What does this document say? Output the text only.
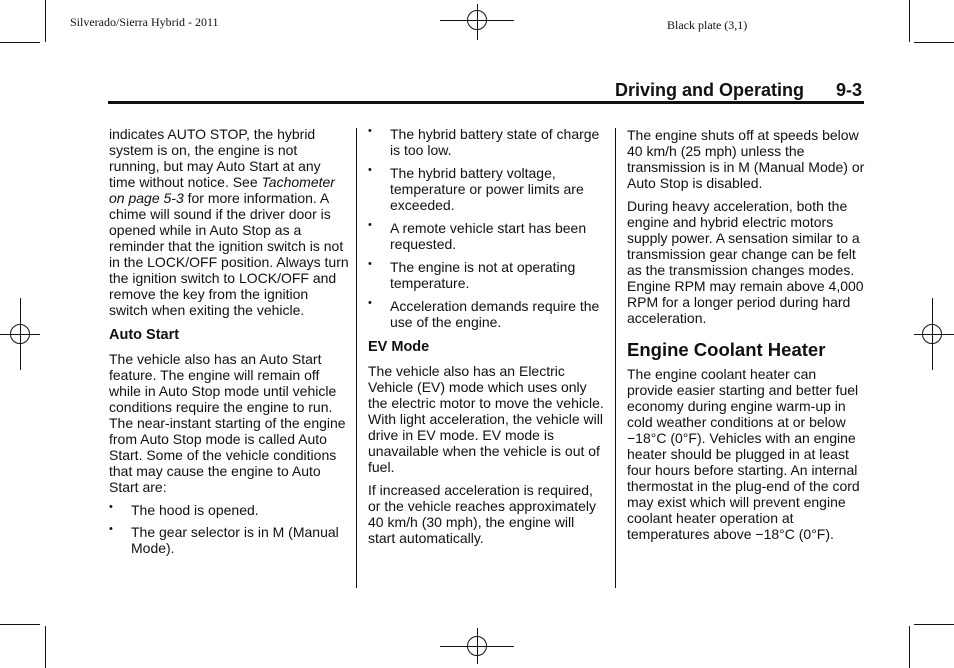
Silverado/Sierra Hybrid - 2011	Black plate (3,1)
Driving and Operating 9-3

indicates AUTO STOP, the hybrid system is on, the engine is not running, but may Auto Start at any time without notice. See Tachometer on page 5-3 for more information. A chime will sound if the driver door is opened while in Auto Stop as a reminder that the ignition switch is not in the LOCK/OFF position. Always turn the ignition switch to LOCK/OFF and remove the key from the ignition switch when exiting the vehicle.

Auto Start

The vehicle also has an Auto Start feature. The engine will remain off while in Auto Stop mode until vehicle conditions require the engine to run. The near-instant starting of the engine from Auto Stop mode is called Auto Start. Some of the vehicle conditions that may cause the engine to Auto Start are:

• The hood is opened.
• The gear selector is in M (Manual Mode).
• The hybrid battery state of charge is too low.
• The hybrid battery voltage, temperature or power limits are exceeded.
• A remote vehicle start has been requested.
• The engine is not at operating temperature.
• Acceleration demands require the use of the engine.
EV Mode

The vehicle also has an Electric Vehicle (EV) mode which uses only the electric motor to move the vehicle. With light acceleration, the vehicle will drive in EV mode. EV mode is unavailable when the vehicle is out of fuel.

If increased acceleration is required, or the vehicle reaches approximately 40 km/h (30 mph), the engine will start automatically.

The engine shuts off at speeds below 40 km/h (25 mph) unless the transmission is in M (Manual Mode) or Auto Stop is disabled.

During heavy acceleration, both the engine and hybrid electric motors supply power. A sensation similar to a transmission gear change can be felt as the transmission changes modes. Engine RPM may remain above 4,000 RPM for a longer period during hard acceleration.

Engine Coolant Heater

The engine coolant heater can provide easier starting and better fuel economy during engine warm-up in cold weather conditions at or below −18°C (0°F). Vehicles with an engine heater should be plugged in at least four hours before starting. An internal thermostat in the plug-end of the cord may exist which will prevent engine coolant heater operation at temperatures above −18°C (0°F).
